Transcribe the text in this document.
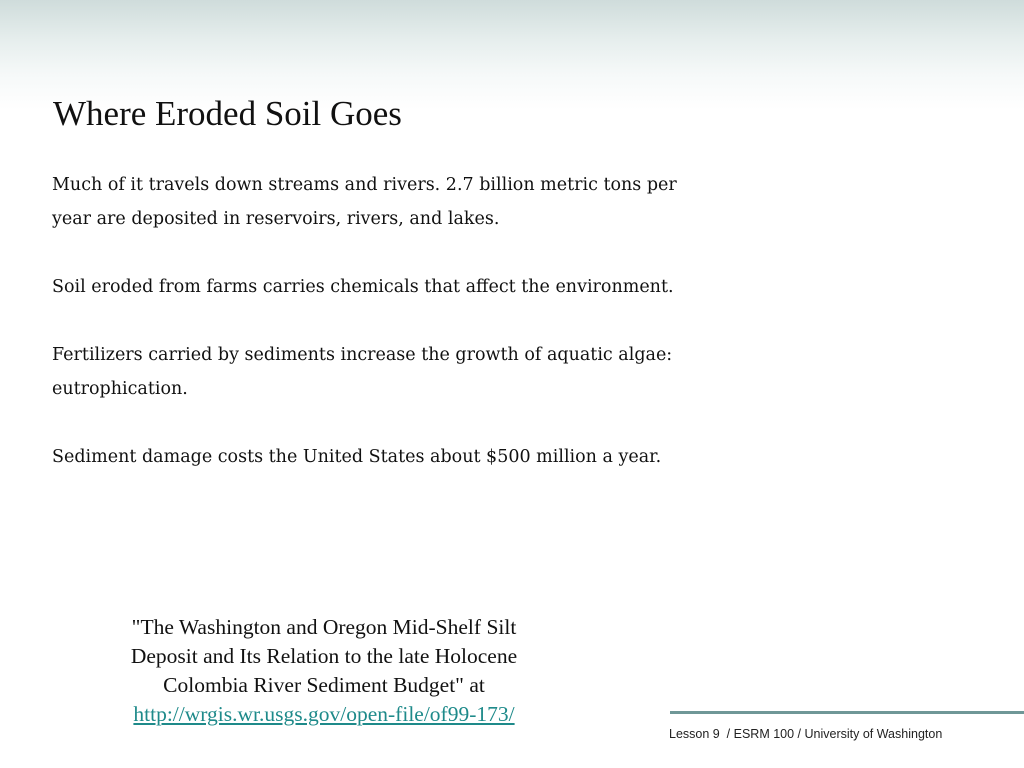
Where Eroded Soil Goes

Much of it travels down streams and rivers. 2.7 billion metric tons per year are deposited in reservoirs, rivers, and lakes.

Soil eroded from farms carries chemicals that affect the environment.

Fertilizers carried by sediments increase the growth of aquatic algae: eutrophication.

Sediment damage costs the United States about $500 million a year.

"The Washington and Oregon Mid-Shelf Silt
Deposit and Its Relation to the late Holocene
Colombia River Sediment Budget" at
http://wrgis.wr.usgs.gov/open-file/of99-173/
Lesson 9  / ESRM 100 / University of Washington
